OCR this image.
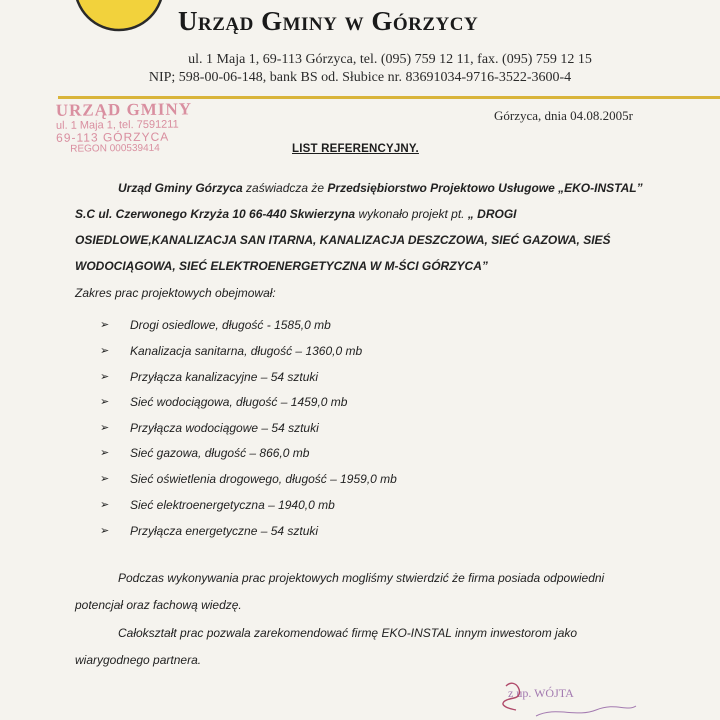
Urząd Gminy w Górzycy
ul. 1 Maja 1, 69-113 Górzyca, tel. (095) 759 12 11, fax. (095) 759 12 15
NIP; 598-00-06-148, bank BS od. Słubice nr. 83691034-9716-3522-3600-4
URZĄD GMINY
ul. 1 Maja 1, tel. 7591211
69-113 GÓRZYCA
REGON 000539414
Górzyca, dnia 04.08.2005r
LIST REFERENCYJNY.
Urząd Gminy Górzyca zaświadcza że Przedsiębiorstwo Projektowo Usługowe „EKO-INSTAL”
S.C ul. Czerwonego Krzyża 10 66-440 Skwierzyna wykonało projekt pt. „ DROGI
OSIEDLOWE,KANALIZACJA SAN ITARNA, KANALIZACJA DESZCZOWA, SIEĆ GAZOWA, SIEŚ
WODOCIĄGOWA, SIEĆ ELEKTROENERGETYCZNA W M-ŚCI GÓRZYCA”
Zakres prac projektowych obejmował:
➢ Drogi osiedlowe, długość - 1585,0 mb
➢ Kanalizacja sanitarna, długość – 1360,0 mb
➢ Przyłącza kanalizacyjne – 54 sztuki
➢ Sieć wodociągowa, długość – 1459,0 mb
➢ Przyłącza wodociągowe – 54 sztuki
➢ Sieć gazowa, długość – 866,0 mb
➢ Sieć oświetlenia drogowego, długość – 1959,0 mb
➢ Sieć elektroenergetyczna – 1940,0 mb
➢ Przyłącza energetyczne – 54 sztuki
Podczas wykonywania prac projektowych mogliśmy stwierdzić że firma posiada odpowiedni
potencjał oraz fachową wiedzę.
Całokształt prac pozwala zarekomendować firmę EKO-INSTAL innym inwestorom jako
wiarygodnego partnera.
z up. WÓJTA
